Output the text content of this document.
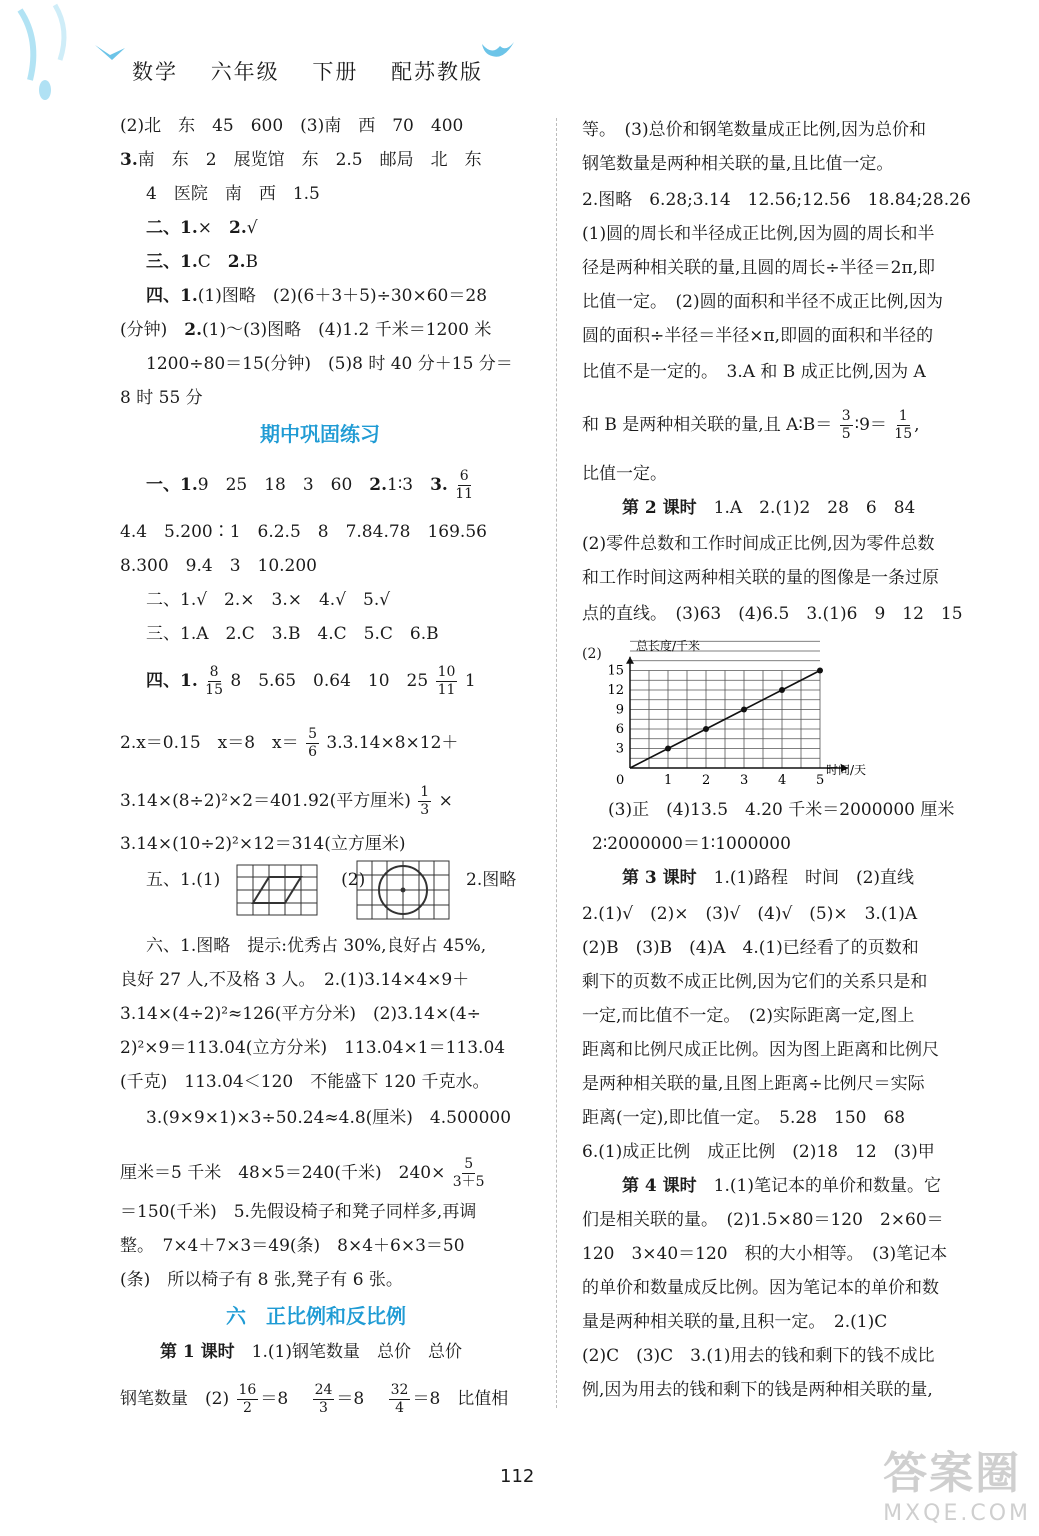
数学 六年级 下册 配苏教版
(2)北　东　45　600　(3)南　西　70　400
3.南　东　2　展览馆　东　2.5　邮局　北　东
4　医院　南　西　1.5
二、1.×　2.√
三、1.C　2.B
四、1.(1)图略　(2)(6＋3＋5)÷30×60＝28
(分钟)　2.(1)～(3)图略　(4)1.2 千米＝1200 米
1200÷80＝15(分钟)　(5)8 时 40 分＋15 分＝
8 时 55 分
期中巩固练习
一、1.9　25　18　3　60　2.1∶3　3. $\frac{6}{11}$
4.4　5.200∶1　6.2.5　8　7.84.78　169.56
8.300　9.4　3　10.200
二、1.√　2.×　3.×　4.√　5.√
三、1.A　2.C　3.B　4.C　5.C　6.B
四、1. $\frac{8}{15} 8$　5.65　0.64　10　$25 \frac{10}{11} 1$
2.x＝0.15　x＝8　$x= \frac{5}{6} 3.3.14\times 8\times 12+$
3.14×(8÷2)²×2＝401.92(平方厘米) $\frac{1}{3}$ ×
3.14×(10÷2)²×12＝314(立方厘米)
五、1.(1)	(2)	2.图略
六、1.图略　提示:优秀占 30%,良好占 45%,
良好 27 人,不及格 3 人。　2.(1)3.14×4×9＋
3.14×(4÷2)²≈126(平方分米)　(2)3.14×(4÷
2)²×9＝113.04(立方分米)　113.04×1＝113.04
(千克)　113.04＜120　不能盛下 120 千克水。
3.(9×9×1)×3÷50.24≈4.8(厘米)　4.500000
厘米＝5 千米　48×5＝240(千米)　$240\times \frac{5}{3+5}$
＝150(千米)　5.先假设椅子和凳子同样多,再调
整。　7×4＋7×3＝49(条)　8×4＋6×3＝50
(条)　所以椅子有 8 张,凳子有 6 张。
六　正比例和反比例
第 1 课时　 1.(1)钢笔数量　总价　总价
钢笔数量　$(2) \frac{16}{2} =8$　 $\frac{24}{3} =8$　 $\frac{32}{4} =8$　比值相
等。　(3)总价和钢笔数量成正比例,因为总价和
钢笔数量是两种相关联的量,且比值一定。
2.图略　6.28;3.14　12.56;12.56　18.84;28.26
(1)圆的周长和半径成正比例,因为圆的周长和半
径是两种相关联的量,且圆的周长÷半径＝2π,即
比值一定。　(2)圆的面积和半径不成正比例,因为
圆的面积÷半径＝半径×π,即圆的面积和半径的
比值不是一定的。　3.A 和 B 成正比例,因为 A
和 B 是两种相关联的量,且 A∶B＝ $\frac{3}{5}$ ∶9＝ $\frac{1}{15}$ ,
比值一定。
第 2 课时　 1.A　2.(1)2　28　6　84
(2)零件总数和工作时间成正比例,因为零件总数
和工作时间这两种相关联的量的图像是一条过原
点的直线。　(3)63　(4)6.5　3.(1)6　9　12　15
(2)	总长度/千米
时间/天
0	1 2 3 4 5
3
6
9
12
15
(3)正　(4)13.5　4.20 千米＝2000000 厘米
2∶2000000＝1∶1000000
第 3 课时　 1.(1)路程　时间　(2)直线
2.(1)√　(2)×　(3)√　(4)√　(5)×　3.(1)A
(2)B　(3)B　(4)A　4.(1)已经看了的页数和
剩下的页数不成正比例,因为它们的关系只是和
一定,而比值不一定。　(2)实际距离一定,图上
距离和比例尺成正比例。因为图上距离和比例尺
是两种相关联的量,且图上距离÷比例尺＝实际
距离(一定),即比值一定。　5.28　150　68
6.(1)成正比例　成正比例　(2)18　12　(3)甲
第 4 课时　 1.(1)笔记本的单价和数量。它
们是相关联的量。　(2)1.5×80＝120　2×60＝
120　3×40＝120　积的大小相等。　(3)笔记本
的单价和数量成反比例。因为笔记本的单价和数
量是两种相关联的量,且积一定。　2.(1)C
(2)C　(3)C　3.(1)用去的钱和剩下的钱不成比
例,因为用去的钱和剩下的钱是两种相关联的量,
112	答案圈
MXQE.COM
